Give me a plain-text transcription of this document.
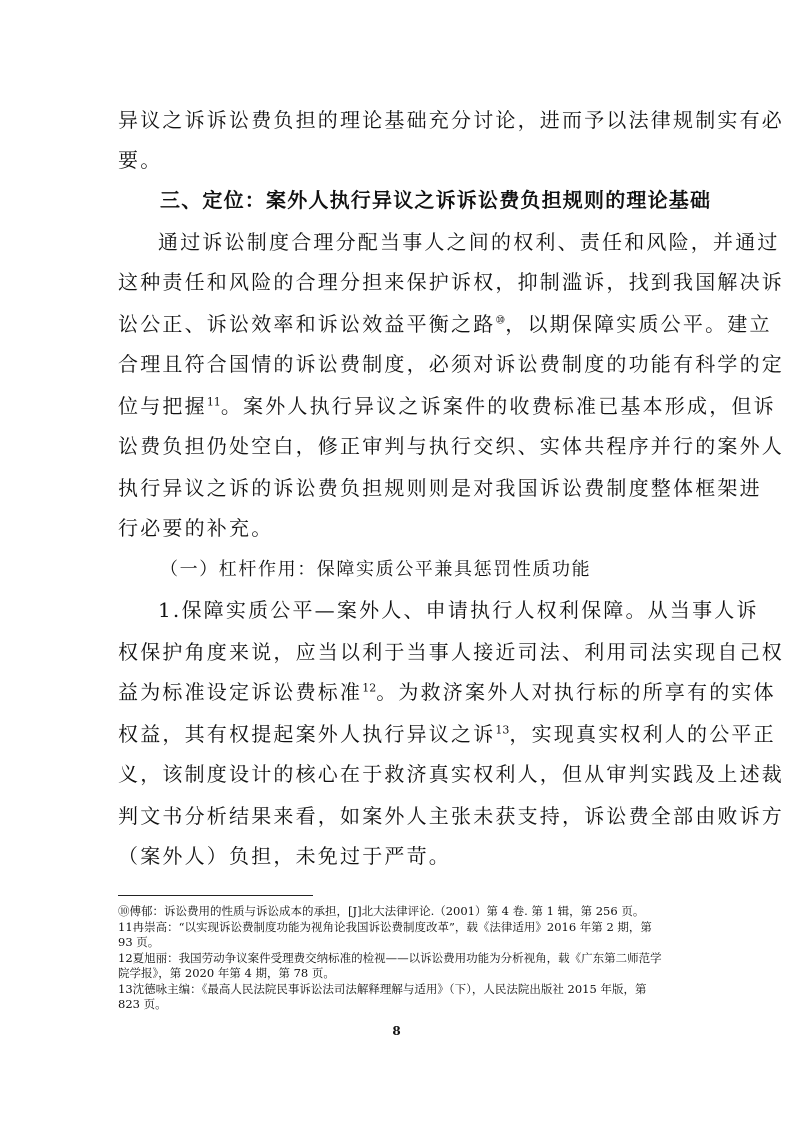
异议之诉诉讼费负担的理论基础充分讨论，进而予以法律规制实有必
要。
三、定位：案外人执行异议之诉诉讼费负担规则的理论基础
通过诉讼制度合理分配当事人之间的权利、责任和风险，并通过
这种责任和风险的合理分担来保护诉权，抑制滥诉，找到我国解决诉
讼公正、诉讼效率和诉讼效益平衡之路⑩，以期保障实质公平。建立
合理且符合国情的诉讼费制度，必须对诉讼费制度的功能有科学的定
位与把握$^{11}$。案外人执行异议之诉案件的收费标准已基本形成，但诉
讼费负担仍处空白，修正审判与执行交织、实体共程序并行的案外人
执行异议之诉的诉讼费负担规则则是对我国诉讼费制度整体框架进
行必要的补充。
（一）杠杆作用：保障实质公平兼具惩罚性质功能
1.保障实质公平—案外人、申请执行人权利保障。从当事人诉
权保护角度来说，应当以利于当事人接近司法、利用司法实现自己权
益为标准设定诉讼费标准$^{12}$。为救济案外人对执行标的所享有的实体
权益，其有权提起案外人执行异议之诉$^{13}$，实现真实权利人的公平正
义，该制度设计的核心在于救济真实权利人，但从审判实践及上述裁
判文书分析结果来看，如案外人主张未获支持，诉讼费全部由败诉方
（案外人）负担，未免过于严苛。
⑩傅郁：诉讼费用的性质与诉讼成本的承担，[J]北大法律评论.（2001）第 4 卷. 第 1 辑，第 256 页。
11冉崇高：“以实现诉讼费制度功能为视角论我国诉讼费制度改革”，载《法律适用》2016 年第 2 期，第
93 页。
12夏旭丽：我国劳动争议案件受理费交纳标准的检视——以诉讼费用功能为分析视角，载《广东第二师范学
院学报》，第 2020 年第 4 期，第 78 页。
13沈德咏主编：《最高人民法院民事诉讼法司法解释理解与适用》（下），人民法院出版社 2015 年版，第
823 页。
8
